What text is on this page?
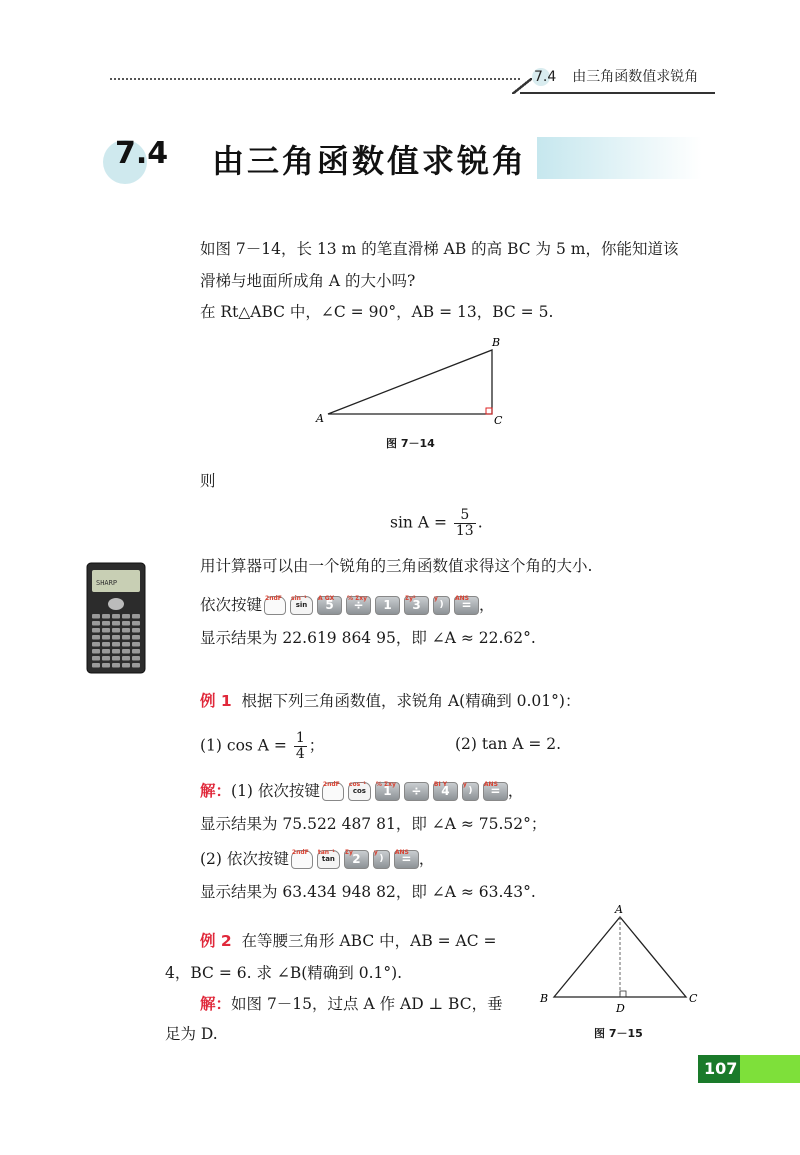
7.4 由三角函数值求锐角
7.4 由三角函数值求锐角
如图 7－14，长 13 m 的笔直滑梯 AB 的高 BC 为 5 m，你能知道该
滑梯与地面所成角 A 的大小吗?
在 Rt△ABC 中，∠C = 90°，AB = 13，BC = 5.
A
B
C
图 7－14
则
$\sin A = \frac{5}{13}$ .
SHARP
用计算器可以由一个锐角的三角函数值求得这个角的大小.
依次按键 2ndF
sin
sin⁻¹ 5
A GX ÷
% Σxy 1 3
Σy²
)
y =
ANS ，
显示结果为 22.619 864 95，即 ∠A ≈ 22.62°.
例 1 根据下列三角函数值，求锐角 A(精确到 0.01°)：
(1) $\cos A = \frac{1}{4}$ ；	(2) tan A = 2.
解： (1) 依次按键 2ndF
cos
cos⁻¹ 1
% Σxy ÷ 4
BI Y
)
y =
ANS ，
显示结果为 75.522 487 81，即 ∠A ≈ 75.52°；
(2) 依次按键 2ndF
tan
tan⁻¹ 2
Σy
)
y =
ANS ，
显示结果为 63.434 948 82，即 ∠A ≈ 63.43°.
例 2 在等腰三角形 ABC 中，AB = AC =
4，BC = 6. 求 ∠B(精确到 0.1°).
解：如图 7－15，过点 A 作 AD ⊥ BC，垂
足为 D.
A
B	C
D
图 7－15
107
